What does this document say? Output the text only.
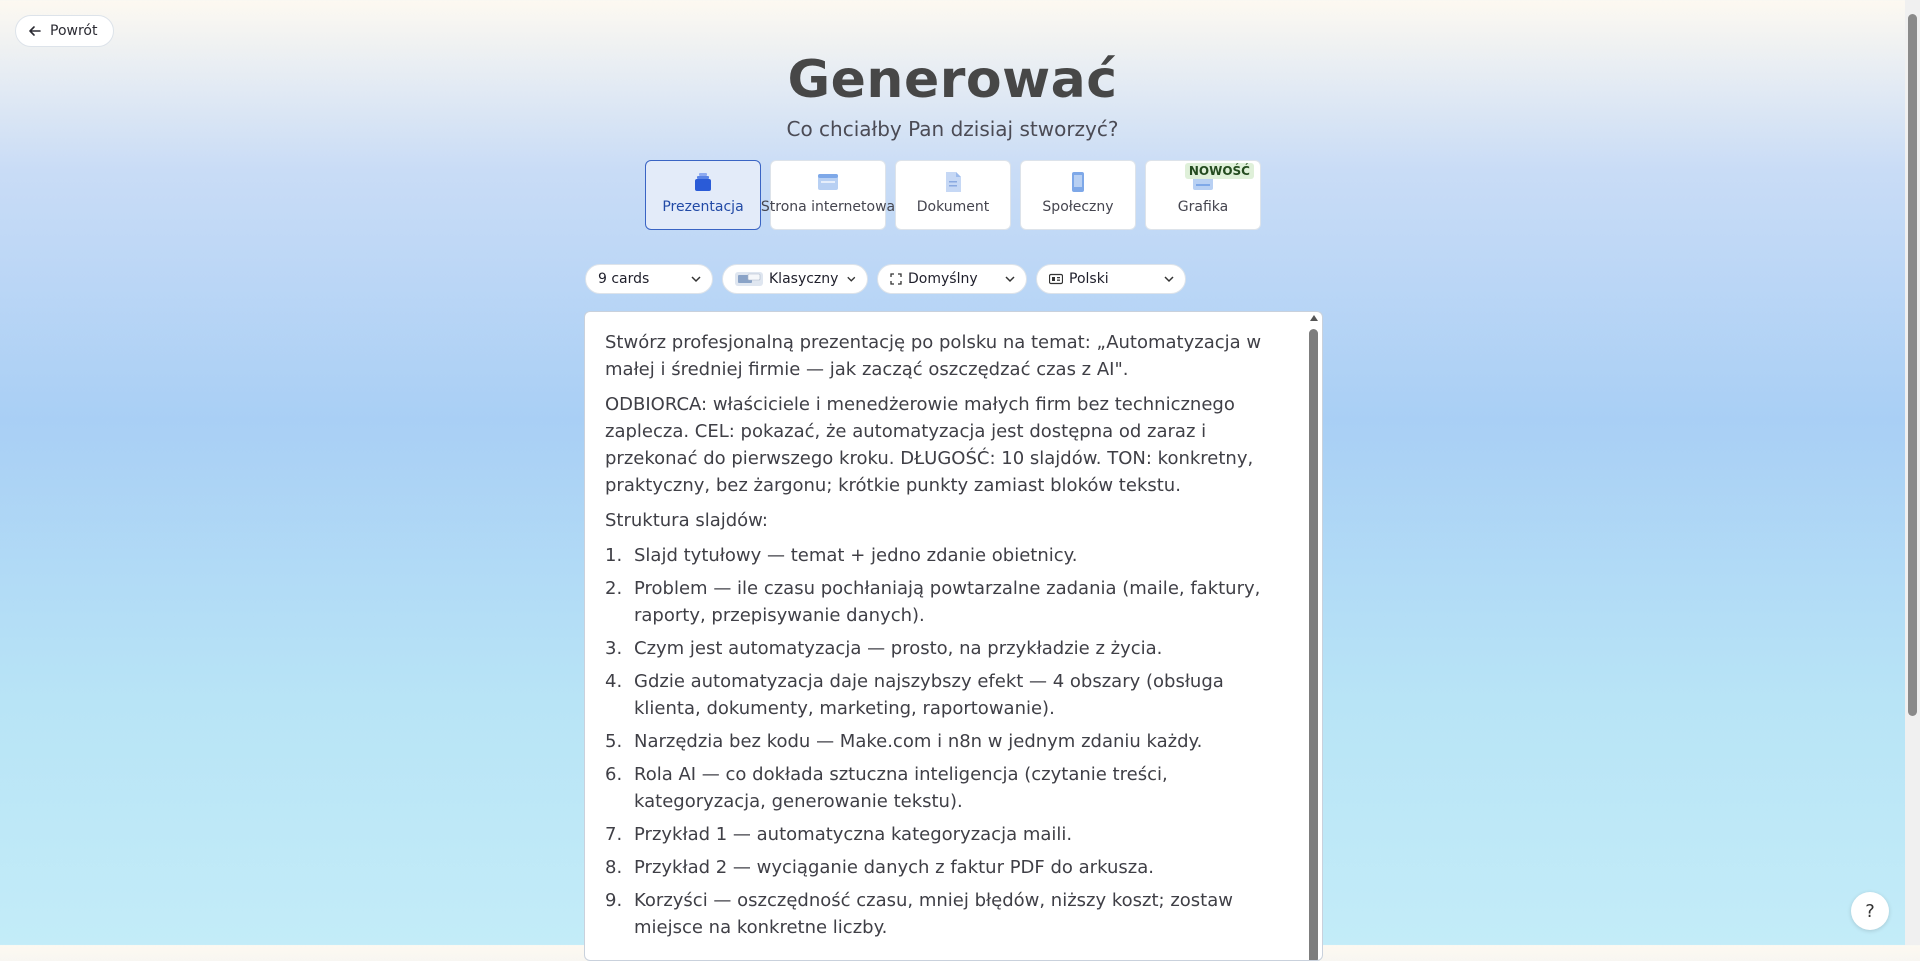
Powrót
Generować
Co chciałby Pan dzisiaj stworzyć?
Prezentacja Strona internetowa Dokument	Społeczny	Grafika
NOWOŚĆ
9 cards	Klasyczny	Domyślny	Polski

Stwórz profesjonalną prezentację po polsku na temat: „Automatyzacja w małej i średniej firmie — jak zacząć oszczędzać czas z AI".

ODBIORCA: właściciele i menedżerowie małych firm bez technicznego zaplecza. CEL: pokazać, że automatyzacja jest dostępna od zaraz i przekonać do pierwszego kroku. DŁUGOŚĆ: 10 slajdów. TON: konkretny, praktyczny, bez żargonu; krótkie punkty zamiast bloków tekstu.

Struktura slajdów:

1. Slajd tytułowy — temat + jedno zdanie obietnicy.
2. Problem — ile czasu pochłaniają powtarzalne zadania (maile, faktury, raporty, przepisywanie danych).
3. Czym jest automatyzacja — prosto, na przykładzie z życia.
4. Gdzie automatyzacja daje najszybszy efekt — 4 obszary (obsługa klienta, dokumenty, marketing, raportowanie).
5. Narzędzia bez kodu — Make.com i n8n w jednym zdaniu każdy.
6. Rola AI — co dokłada sztuczna inteligencja (czytanie treści, kategoryzacja, generowanie tekstu).
7. Przykład 1 — automatyczna kategoryzacja maili.
8. Przykład 2 — wyciąganie danych z faktur PDF do arkusza.
9. Korzyści — oszczędność czasu, mniej błędów, niższy koszt; zostaw miejsce na konkretne liczby.
?
